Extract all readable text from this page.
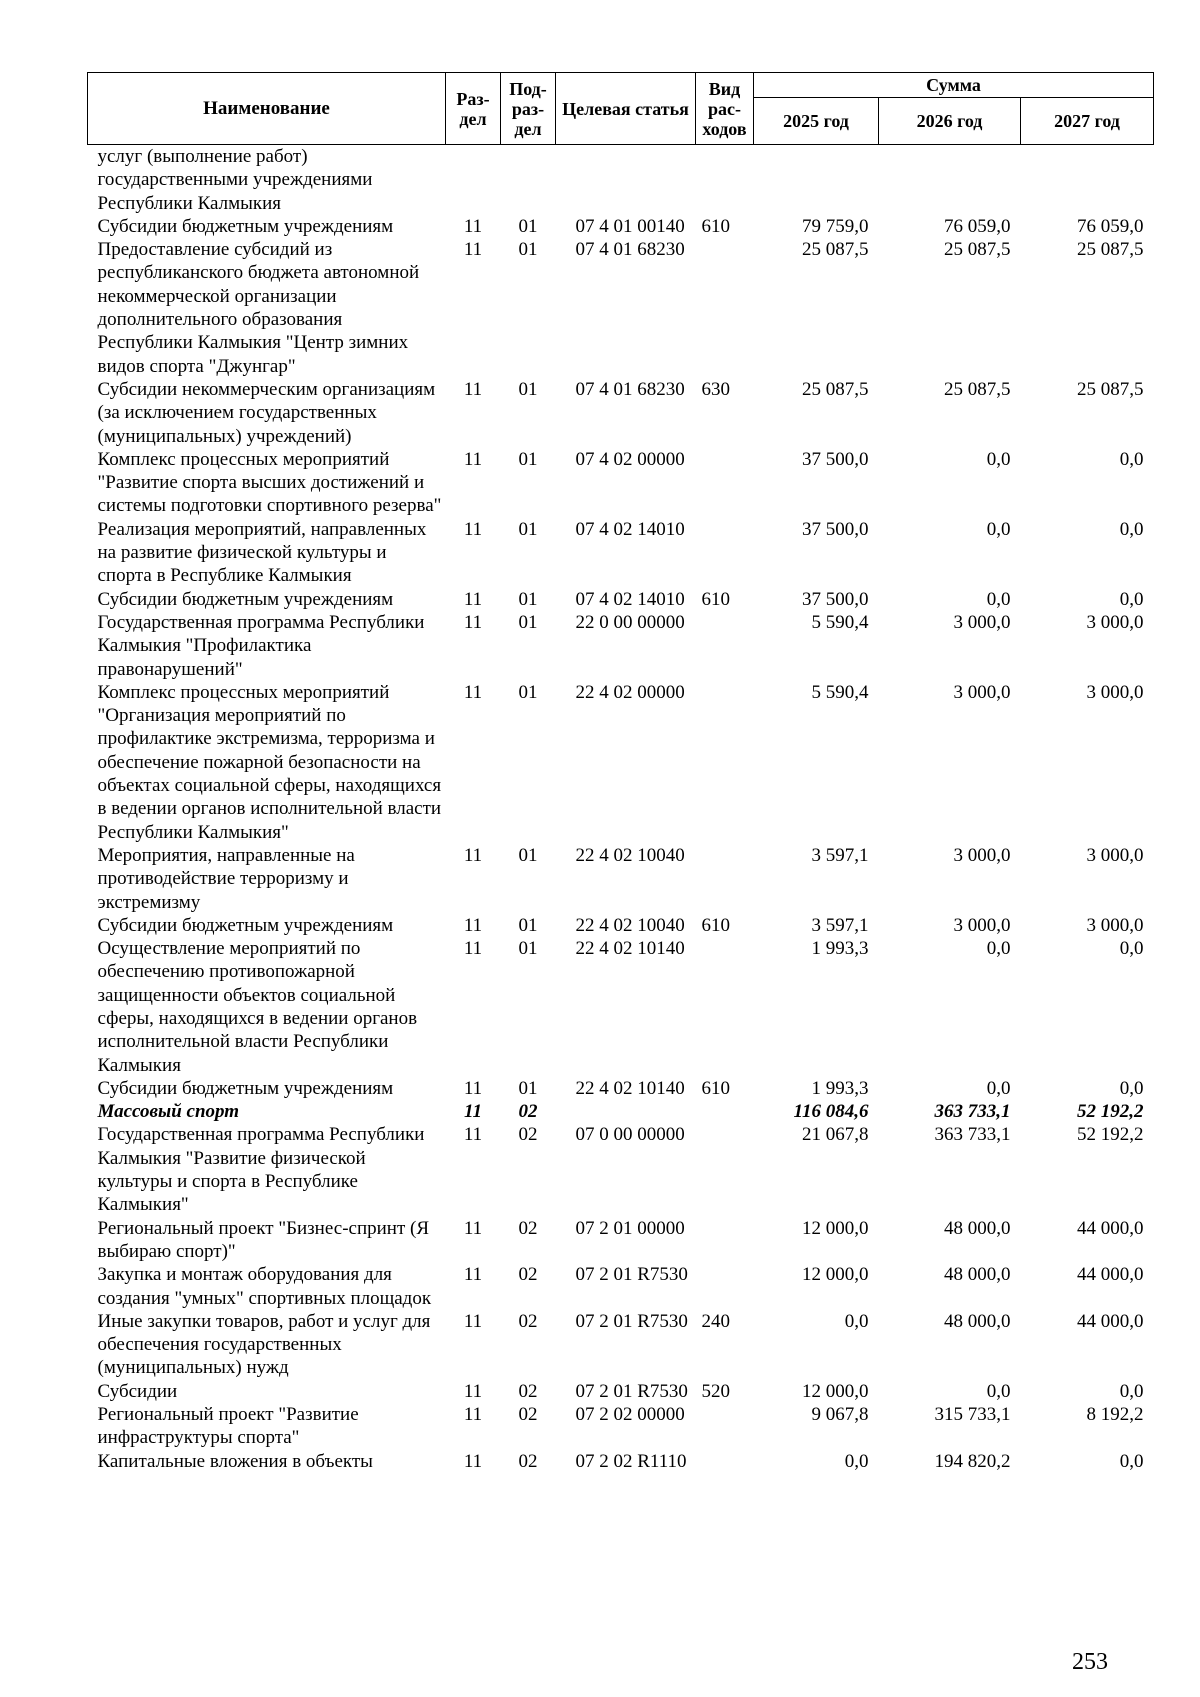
Наименование	Раз-дел	Под-раз-дел	Целевая статья	Вид рас-ходов	Сумма		
					2025 год	2026 год	2027 год
услуг (выполнение работ) государственными учреждениями Республики Калмыкия							
Субсидии бюджетным учреждениям	11	01	07 4 01 00140	610	79 759,0	76 059,0	76 059,0
Предоставление субсидий из республиканского бюджета автономной некоммерческой организации дополнительного образования Республики Калмыкия "Центр зимних видов спорта "Джунгар"	11	01	07 4 01 68230		25 087,5	25 087,5	25 087,5
Субсидии некоммерческим организациям (за исключением государственных (муниципальных) учреждений)	11	01	07 4 01 68230	630	25 087,5	25 087,5	25 087,5
Комплекс процессных мероприятий "Развитие спорта высших достижений и системы подготовки спортивного резерва"	11	01	07 4 02 00000		37 500,0	0,0	0,0
Реализация мероприятий, направленных на развитие физической культуры и спорта в Республике Калмыкия	11	01	07 4 02 14010		37 500,0	0,0	0,0
Субсидии бюджетным учреждениям	11	01	07 4 02 14010	610	37 500,0	0,0	0,0
Государственная программа Республики Калмыкия "Профилактика правонарушений"	11	01	22 0 00 00000		5 590,4	3 000,0	3 000,0
Комплекс процессных мероприятий "Организация мероприятий по профилактике экстремизма, терроризма и обеспечение пожарной безопасности на объектах социальной сферы, находящихся в ведении органов исполнительной власти Республики Калмыкия"	11	01	22 4 02 00000		5 590,4	3 000,0	3 000,0
Мероприятия, направленные на противодействие терроризму и экстремизму	11	01	22 4 02 10040		3 597,1	3 000,0	3 000,0
Субсидии бюджетным учреждениям	11	01	22 4 02 10040	610	3 597,1	3 000,0	3 000,0
Осуществление мероприятий по обеспечению противопожарной защищенности объектов социальной сферы, находящихся в ведении органов исполнительной власти Республики Калмыкия	11	01	22 4 02 10140		1 993,3	0,0	0,0
Субсидии бюджетным учреждениям	11	01	22 4 02 10140	610	1 993,3	0,0	0,0
Массовый спорт	11	02			116 084,6	363 733,1	52 192,2
Государственная программа Республики Калмыкия "Развитие физической культуры и спорта в Республике Калмыкия"	11	02	07 0 00 00000		21 067,8	363 733,1	52 192,2
Региональный проект "Бизнес-спринт (Я выбираю спорт)"	11	02	07 2 01 00000		12 000,0	48 000,0	44 000,0
Закупка и монтаж оборудования для создания "умных" спортивных площадок	11	02	07 2 01 R7530		12 000,0	48 000,0	44 000,0
Иные закупки товаров, работ и услуг для обеспечения государственных (муниципальных) нужд	11	02	07 2 01 R7530	240	0,0	48 000,0	44 000,0
Субсидии	11	02	07 2 01 R7530	520	12 000,0	0,0	0,0
Региональный проект "Развитие инфраструктуры спорта"	11	02	07 2 02 00000		9 067,8	315 733,1	8 192,2
Капитальные вложения в объекты	11	02	07 2 02 R1110		0,0	194 820,2	0,0
253
